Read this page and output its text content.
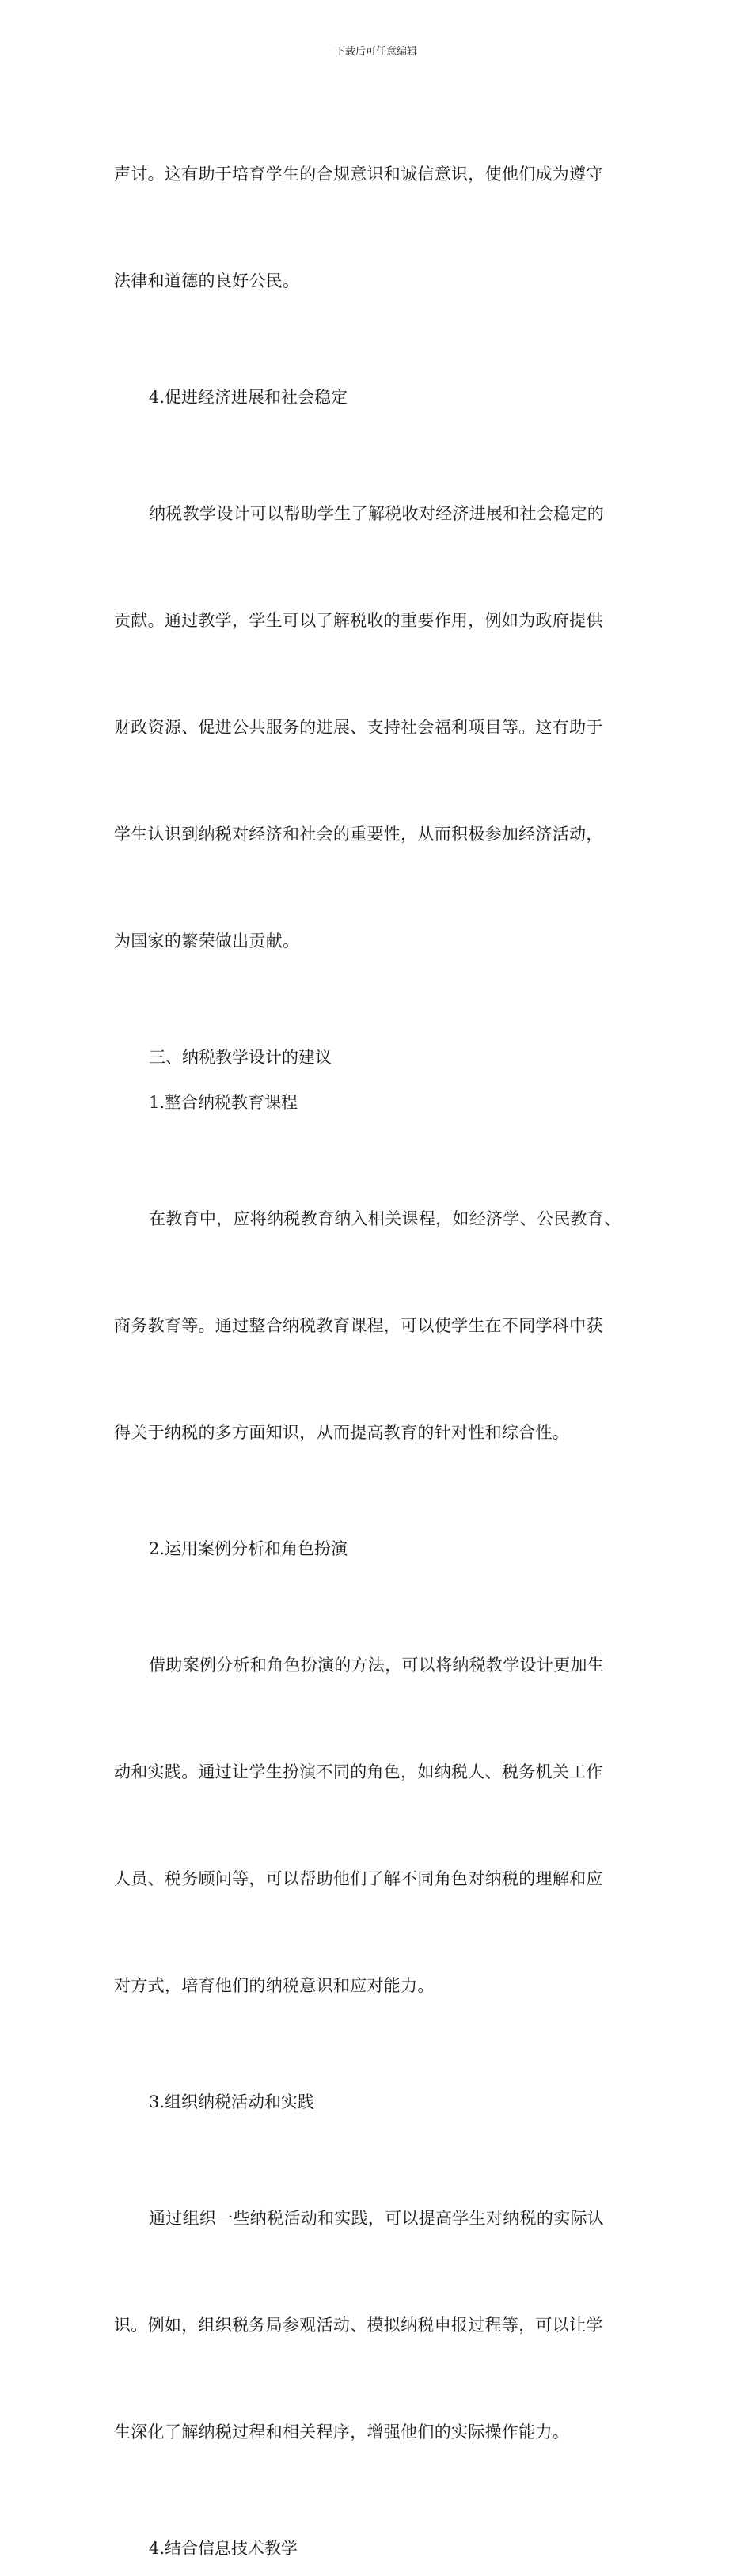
下载后可任意编辑

声讨。这有助于培育学生的合规意识和诚信意识，使他们成为遵守

法律和道德的良好公民。

4.促进经济进展和社会稳定

纳税教学设计可以帮助学生了解税收对经济进展和社会稳定的

贡献。通过教学，学生可以了解税收的重要作用，例如为政府提供

财政资源、促进公共服务的进展、支持社会福利项目等。这有助于

学生认识到纳税对经济和社会的重要性，从而积极参加经济活动，

为国家的繁荣做出贡献。

三、纳税教学设计的建议
1.整合纳税教育课程

在教育中，应将纳税教育纳入相关课程，如经济学、公民教育、

商务教育等。通过整合纳税教育课程，可以使学生在不同学科中获

得关于纳税的多方面知识，从而提高教育的针对性和综合性。

2.运用案例分析和角色扮演

借助案例分析和角色扮演的方法，可以将纳税教学设计更加生

动和实践。通过让学生扮演不同的角色，如纳税人、税务机关工作

人员、税务顾问等，可以帮助他们了解不同角色对纳税的理解和应

对方式，培育他们的纳税意识和应对能力。

3.组织纳税活动和实践

通过组织一些纳税活动和实践，可以提高学生对纳税的实际认

识。例如，组织税务局参观活动、模拟纳税申报过程等，可以让学

生深化了解纳税过程和相关程序，增强他们的实际操作能力。

4.结合信息技术教学
